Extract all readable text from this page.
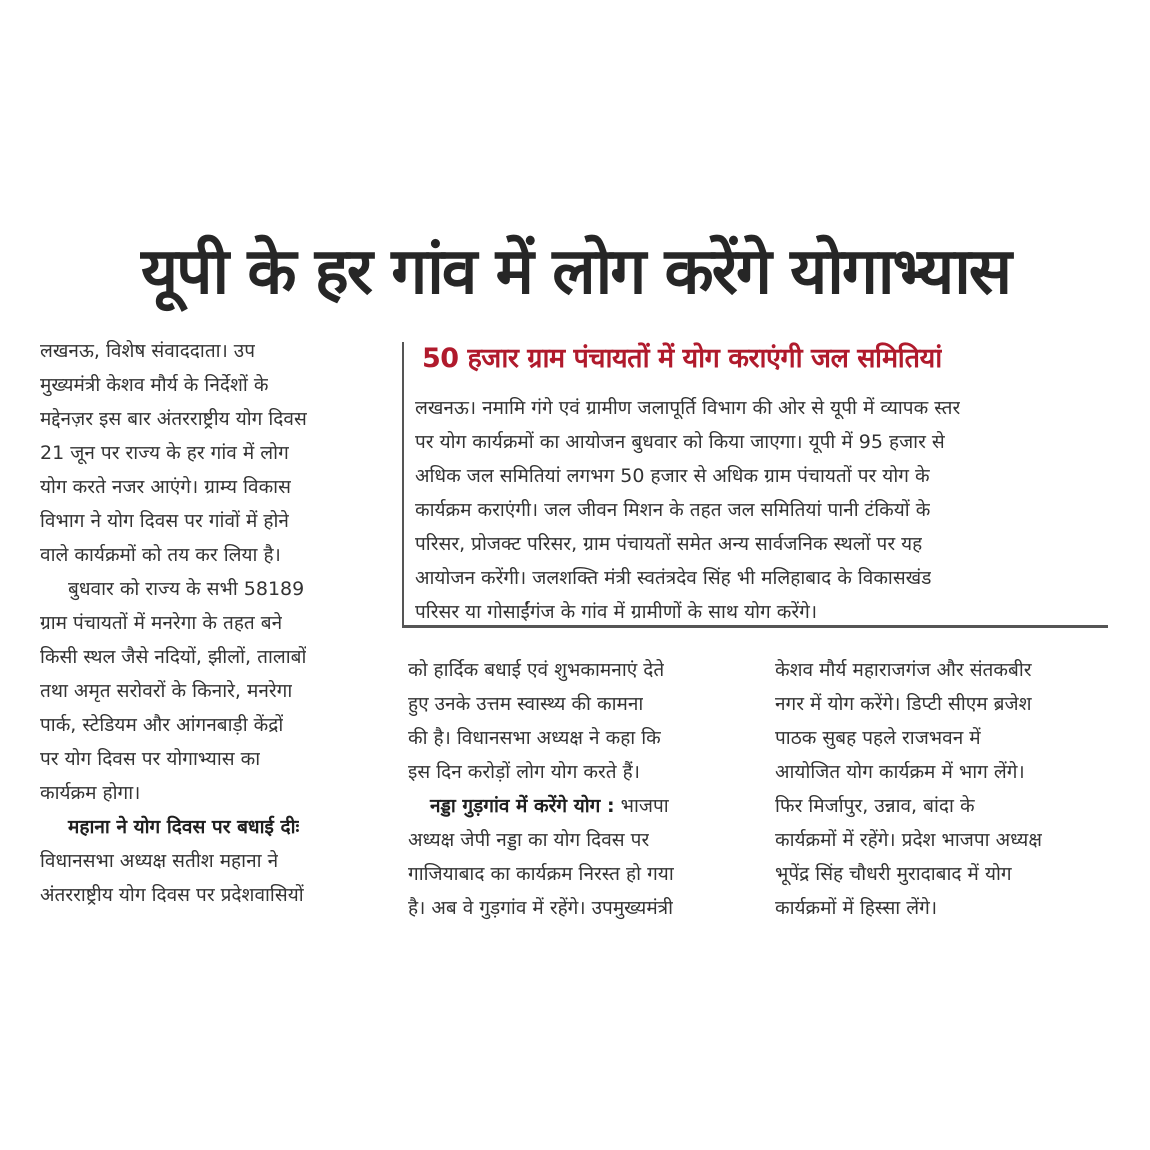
यूपी के हर गांव में लोग करेंगे योगाभ्यास
लखनऊ, विशेष संवाददाता। उप
मुख्यमंत्री केशव मौर्य के निर्देशों के
मद्देनज़र इस बार अंतरराष्ट्रीय योग दिवस
21 जून पर राज्य के हर गांव में लोग
योग करते नजर आएंगे। ग्राम्य विकास
विभाग ने योग दिवस पर गांवों में होने
वाले कार्यक्रमों को तय कर लिया है।
बुधवार को राज्य के सभी 58189
ग्राम पंचायतों में मनरेगा के तहत बने
किसी स्थल जैसे नदियों, झीलों, तालाबों
तथा अमृत सरोवरों के किनारे, मनरेगा
पार्क, स्टेडियम और आंगनबाड़ी केंद्रों
पर योग दिवस पर योगाभ्यास का
कार्यक्रम होगा।
महाना ने योग दिवस पर बधाई दीः
विधानसभा अध्यक्ष सतीश महाना ने
अंतरराष्ट्रीय योग दिवस पर प्रदेशवासियों
50 हजार ग्राम पंचायतों में योग कराएंगी जल समितियां
लखनऊ। नमामि गंगे एवं ग्रामीण जलापूर्ति विभाग की ओर से यूपी में व्यापक स्तर
पर योग कार्यक्रमों का आयोजन बुधवार को किया जाएगा। यूपी में 95 हजार से
अधिक जल समितियां लगभग 50 हजार से अधिक ग्राम पंचायतों पर योग के
कार्यक्रम कराएंगी। जल जीवन मिशन के तहत जल समितियां पानी टंकियों के
परिसर, प्रोजक्ट परिसर, ग्राम पंचायतों समेत अन्य सार्वजनिक स्थलों पर यह
आयोजन करेंगी। जलशक्ति मंत्री स्वतंत्रदेव सिंह भी मलिहाबाद के विकासखंड
परिसर या गोसाईंगंज के गांव में ग्रामीणों के साथ योग करेंगे।
को हार्दिक बधाई एवं शुभकामनाएं देते
हुए उनके उत्तम स्वास्थ्य की कामना
की है। विधानसभा अध्यक्ष ने कहा कि
इस दिन करोड़ों लोग योग करते हैं।
नड्डा गुड़गांव में करेंगे योग : भाजपा
अध्यक्ष जेपी नड्डा का योग दिवस पर
गाजियाबाद का कार्यक्रम निरस्त हो गया
है। अब वे गुड़गांव में रहेंगे। उपमुख्यमंत्री
केशव मौर्य महाराजगंज और संतकबीर
नगर में योग करेंगे। डिप्टी सीएम ब्रजेश
पाठक सुबह पहले राजभवन में
आयोजित योग कार्यक्रम में भाग लेंगे।
फिर मिर्जापुर, उन्नाव, बांदा के
कार्यक्रमों में रहेंगे। प्रदेश भाजपा अध्यक्ष
भूपेंद्र सिंह चौधरी मुरादाबाद में योग
कार्यक्रमों में हिस्सा लेंगे।
